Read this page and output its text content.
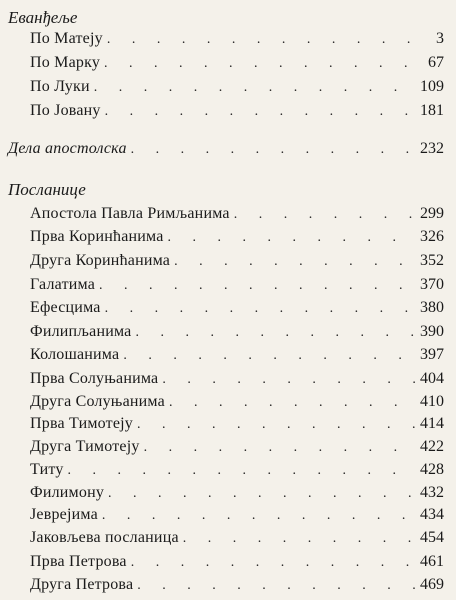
Еванђеље
По Матеју . . .	3
По Марку . . .	67
По Луки . . .	109
По Јовану . . .	181
Дела апостолска . . .	232
Посланице
Апостола Павла Римљанима . . .	299
Прва Коринћанима . . .	326
Друга Коринћанима . . .	352
Галатима . . .	370
Ефесцима . . .	380
Филипљанима . . .	390
Колошанима . . .	397
Прва Солуњанима . . .	404
Друга Солуњанима . . .	410
Прва Тимотеју . . .	414
Друга Тимотеју . . .	422
Титу . . .	428
Филимону . . .	432
Јеврејима . . .	434
Јаковљева посланица . . .	454
Прва Петрова . . .	461
Друга Петрова . . .	469
